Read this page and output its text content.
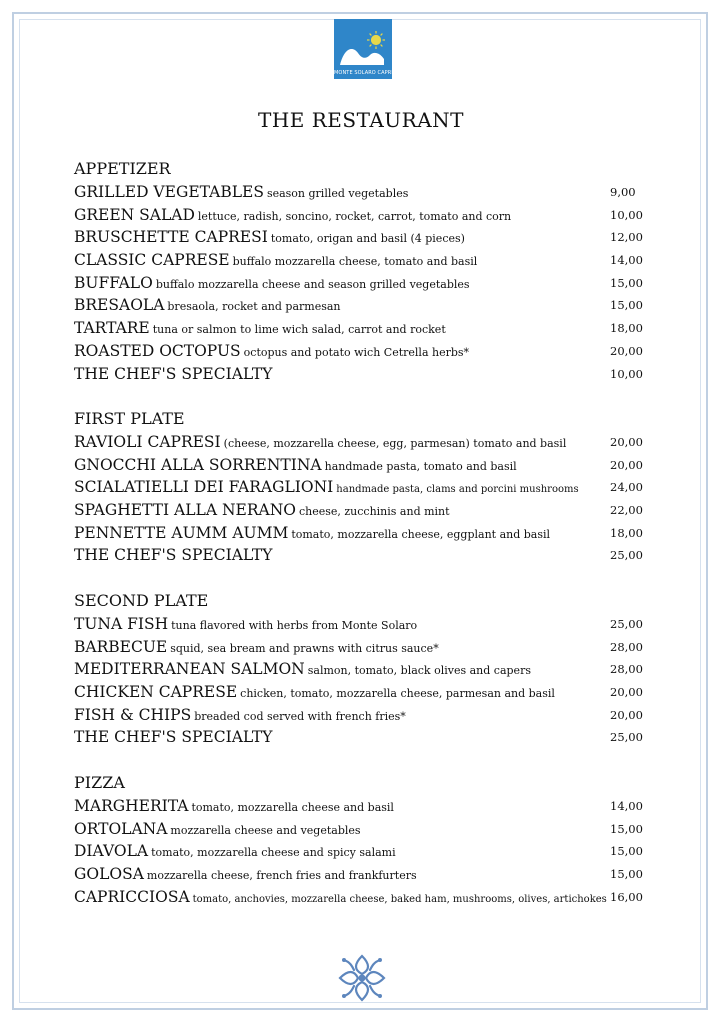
MONTE SOLARO CAPRI
THE RESTAURANT
APPETIZER
GRILLED VEGETABLES season grilled vegetables	9,00
GREEN SALAD lettuce, radish, soncino, rocket, carrot, tomato and corn	10,00
BRUSCHETTE CAPRESI tomato, origan and basil (4 pieces)	12,00
CLASSIC CAPRESE buffalo mozzarella cheese, tomato and basil	14,00
BUFFALO buffalo mozzarella cheese and season grilled vegetables	15,00
BRESAOLA bresaola, rocket and parmesan	15,00
TARTARE tuna or salmon to lime wich salad, carrot and rocket	18,00
ROASTED OCTOPUS octopus and potato wich Cetrella herbs*	20,00
THE CHEF'S SPECIALTY	10,00
FIRST PLATE
RAVIOLI CAPRESI (cheese, mozzarella cheese, egg, parmesan) tomato and basil	20,00
GNOCCHI ALLA SORRENTINA handmade pasta, tomato and basil	20,00
SCIALATIELLI DEI FARAGLIONI handmade pasta, clams and porcini mushrooms	24,00
SPAGHETTI ALLA NERANO cheese, zucchinis and mint	22,00
PENNETTE AUMM AUMM tomato, mozzarella cheese, eggplant and basil	18,00
THE CHEF'S SPECIALTY	25,00
SECOND PLATE
TUNA FISH tuna flavored with herbs from Monte Solaro	25,00
BARBECUE squid, sea bream and prawns with citrus sauce*	28,00
MEDITERRANEAN SALMON salmon, tomato, black olives and capers	28,00
CHICKEN CAPRESE chicken, tomato, mozzarella cheese, parmesan and basil	20,00
FISH & CHIPS breaded cod served with french fries*	20,00
THE CHEF'S SPECIALTY	25,00
PIZZA
MARGHERITA tomato, mozzarella cheese and basil	14,00
ORTOLANA mozzarella cheese and vegetables	15,00
DIAVOLA tomato, mozzarella cheese and spicy salami	15,00
GOLOSA mozzarella cheese, french fries and frankfurters	15,00
CAPRICCIOSA tomato, anchovies, mozzarella cheese, baked ham, mushrooms, olives, artichokes 16,00
